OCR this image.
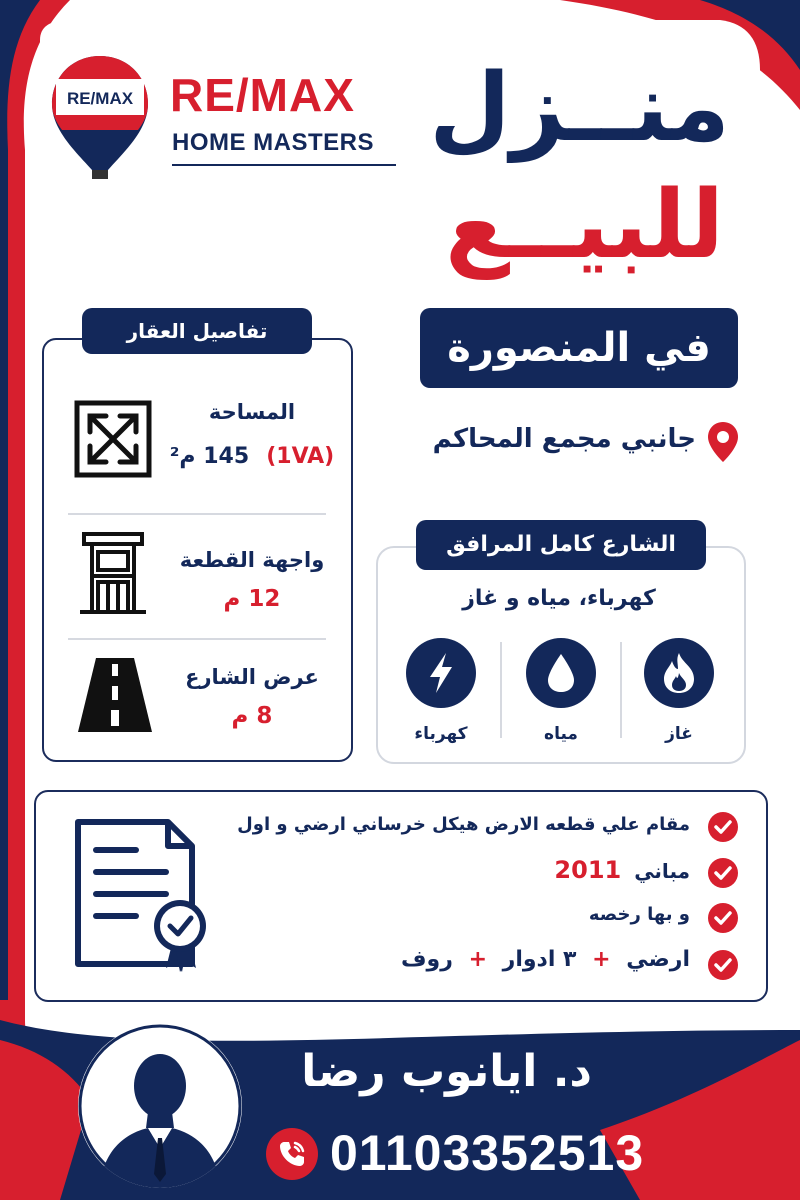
RE/MAX RE/MAX
HOME MASTERS منــزل
للبيــع
في المنصورة
جانبي مجمع المحاكم
تفاصيل العقار
المساحة
(1VA) 145 م²
واجهة القطعة
12 م
عرض الشارع
8 م
الشارع كامل المرافق
كهرباء، مياه و غاز
غاز
مياه
كهرباء
مقام علي قطعه الارض هيكل خرساني ارضي و اول
مباني 2011
و بها رخصه
ارضي + ٣ ادوار + روف
د. ايانوب رضا
01103352513
